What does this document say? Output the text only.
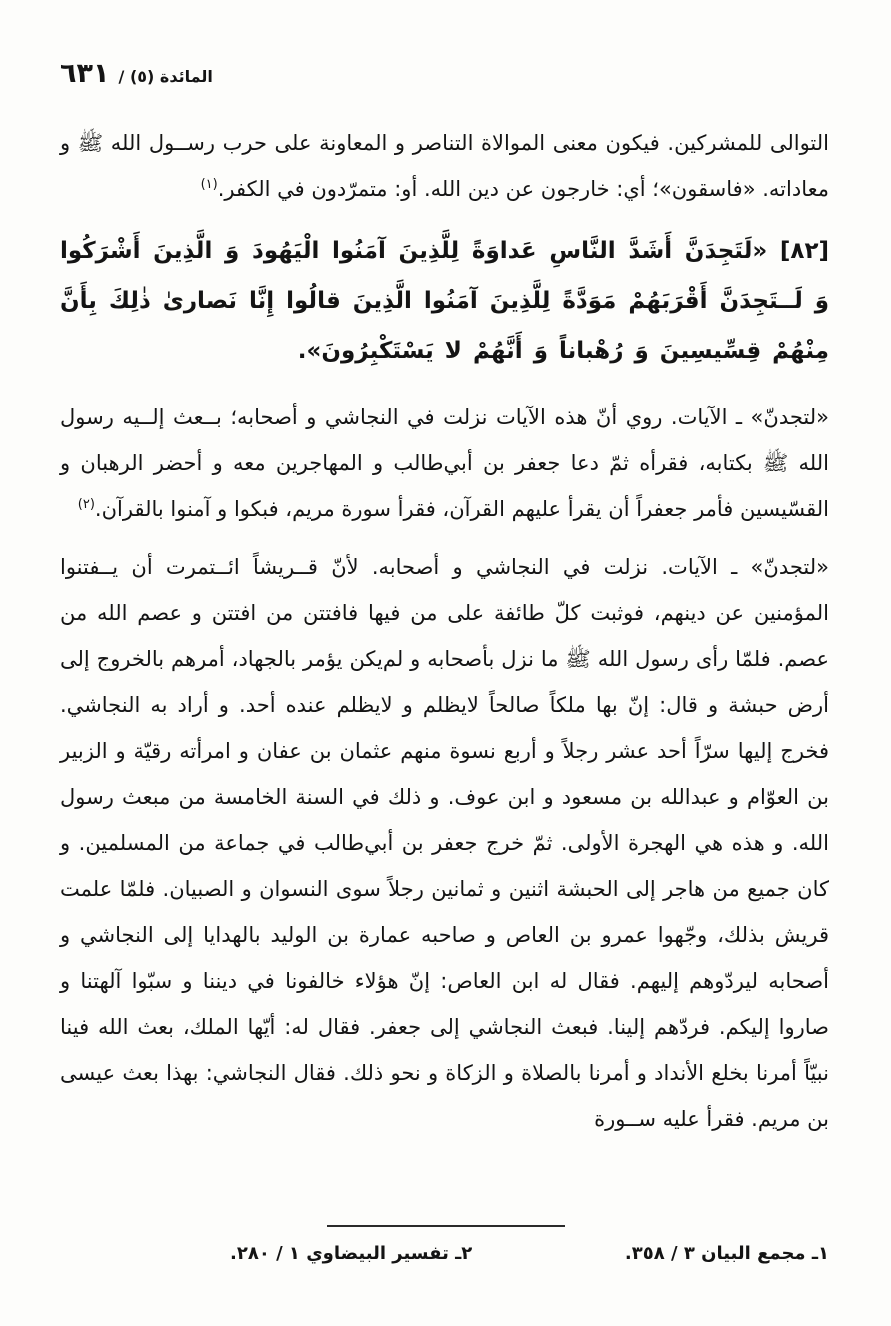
المائدة (٥) / ٦٣١

التوالى للمشركين. فيكون معنى الموالاة التناصر و المعاونة على حرب رســول الله ﷺ و معاداته. «فاسقون»؛ أي: خارجون عن دين الله. أو: متمرّدون في الكفر.$^{(١)}$

[٨٢] «لَتَجِدَنَّ أَشَدَّ النَّاسِ عَداوَةً لِلَّذِينَ آمَنُوا الْيَهُودَ وَ الَّذِينَ أَشْرَكُوا وَ لَــتَجِدَنَّ أَقْرَبَهُمْ مَوَدَّةً لِلَّذِينَ آمَنُوا الَّذِينَ قالُوا إِنَّا نَصارىٰ ذٰلِكَ بِأَنَّ مِنْهُمْ قِسِّيسِينَ وَ رُهْباناً وَ أَنَّهُمْ لا يَسْتَكْبِرُونَ».

«لتجدنّ» ـ الآيات. روي أنّ هذه الآيات نزلت في النجاشي و أصحابه؛ بــعث إلــيه رسول الله ﷺ بكتابه، فقرأه ثمّ دعا جعفر بن أبي‌طالب و المهاجرين معه و أحضر الرهبان و القسّيسين فأمر جعفراً أن يقرأ عليهم القرآن، فقرأ سورة مريم، فبكوا و آمنوا بالقرآن.$^{(٢)}$

«لتجدنّ» ـ الآيات. نزلت في النجاشي و أصحابه. لأنّ قــريشاً ائــتمرت أن يــفتنوا المؤمنين عن دينهم، فوثبت كلّ طائفة على من فيها فافتتن من افتتن و عصم الله من عصم. فلمّا رأى رسول الله ﷺ ما نزل بأصحابه و لم‌يكن يؤمر بالجهاد، أمرهم بالخروج إلى أرض حبشة و قال: إنّ بها ملكاً صالحاً لايظلم و لايظلم عنده أحد. و أراد به النجاشي. فخرج إليها سرّاً أحد عشر رجلاً و أربع نسوة منهم عثمان بن عفان و امرأته رقيّة و الزبير بن العوّام و عبدالله بن مسعود و ابن عوف. و ذلك في السنة الخامسة من مبعث رسول الله. و هذه هي الهجرة الأولى. ثمّ خرج جعفر بن أبي‌طالب في جماعة من المسلمين. و كان جميع من هاجر إلى الحبشة اثنين و ثمانين رجلاً سوى النسوان و الصبيان. فلمّا علمت قريش بذلك، وجّهوا عمرو بن العاص و صاحبه عمارة بن الوليد بالهدايا إلى النجاشي و أصحابه ليردّوهم إليهم. فقال له ابن العاص: إنّ هؤلاء خالفونا في ديننا و سبّوا آلهتنا و صاروا إليكم. فردّهم إلينا. فبعث النجاشي إلى جعفر. فقال له: أيّها الملك، بعث الله فينا نبيّاً أمرنا بخلع الأنداد و أمرنا بالصلاة و الزكاة و نحو ذلك. فقال النجاشي: بهذا بعث عيسى بن مريم. فقرأ عليه ســورة

١ـ مجمع البيان ٣ / ٣٥٨.
٢ـ تفسير البيضاوي ١ / ٢٨٠.
